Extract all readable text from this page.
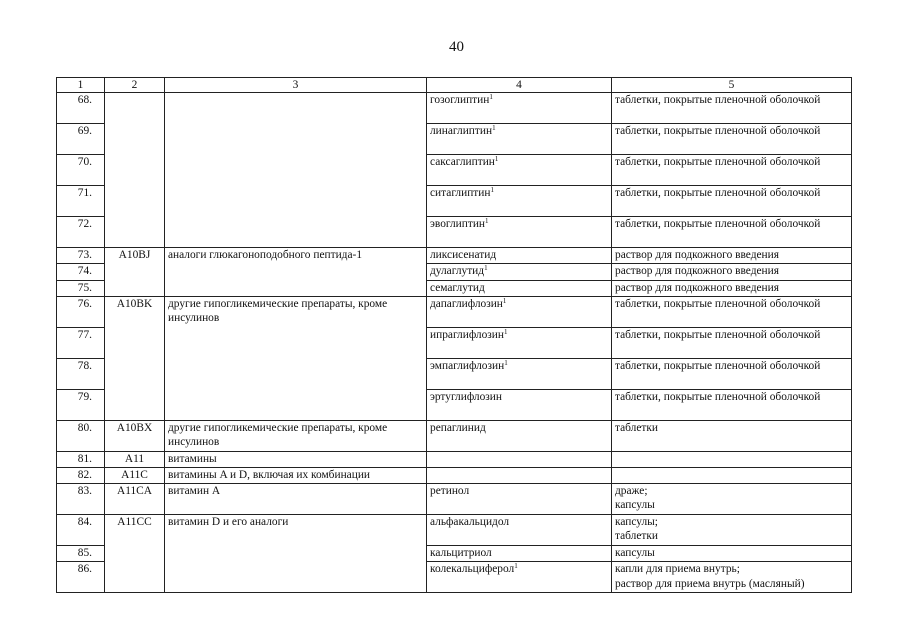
40
1	2	3	4	5
68.			гозоглиптин$^1$	таблетки, покрытые пленочной оболочкой
69.			линаглиптин$^1$	таблетки, покрытые пленочной оболочкой
70.			саксаглиптин$^1$	таблетки, покрытые пленочной оболочкой
71.			ситаглиптин$^1$	таблетки, покрытые пленочной оболочкой
72.			эвоглиптин$^1$	таблетки, покрытые пленочной оболочкой
73.	A10BJ	аналоги глюкагоноподобного пептида-1	ликсисенатид	раствор для подкожного введения
74.			дулаглутид$^1$	раствор для подкожного введения
75.			семаглутид	раствор для подкожного введения
76.	A10BK	другие гипогликемические препараты, кроме инсулинов	дапаглифлозин$^1$	таблетки, покрытые пленочной оболочкой
77.			ипраглифлозин$^1$	таблетки, покрытые пленочной оболочкой
78.			эмпаглифлозин$^1$	таблетки, покрытые пленочной оболочкой
79.			эртуглифлозин	таблетки, покрытые пленочной оболочкой
80.	A10BX	другие гипогликемические препараты, кроме инсулинов	репаглинид	таблетки
81.	A11	витамины		
82.	A11C	витамины A и D, включая их комбинации		
83.	A11CA	витамин A	ретинол	драже;
капсулы

84.	A11CC	витамин D и его аналоги	альфакальцидол	капсулы;
таблетки

85.			кальцитриол	капсулы
86.			колекальциферол$^1$	капли для приема внутрь;
раствор для приема внутрь (масляный)
